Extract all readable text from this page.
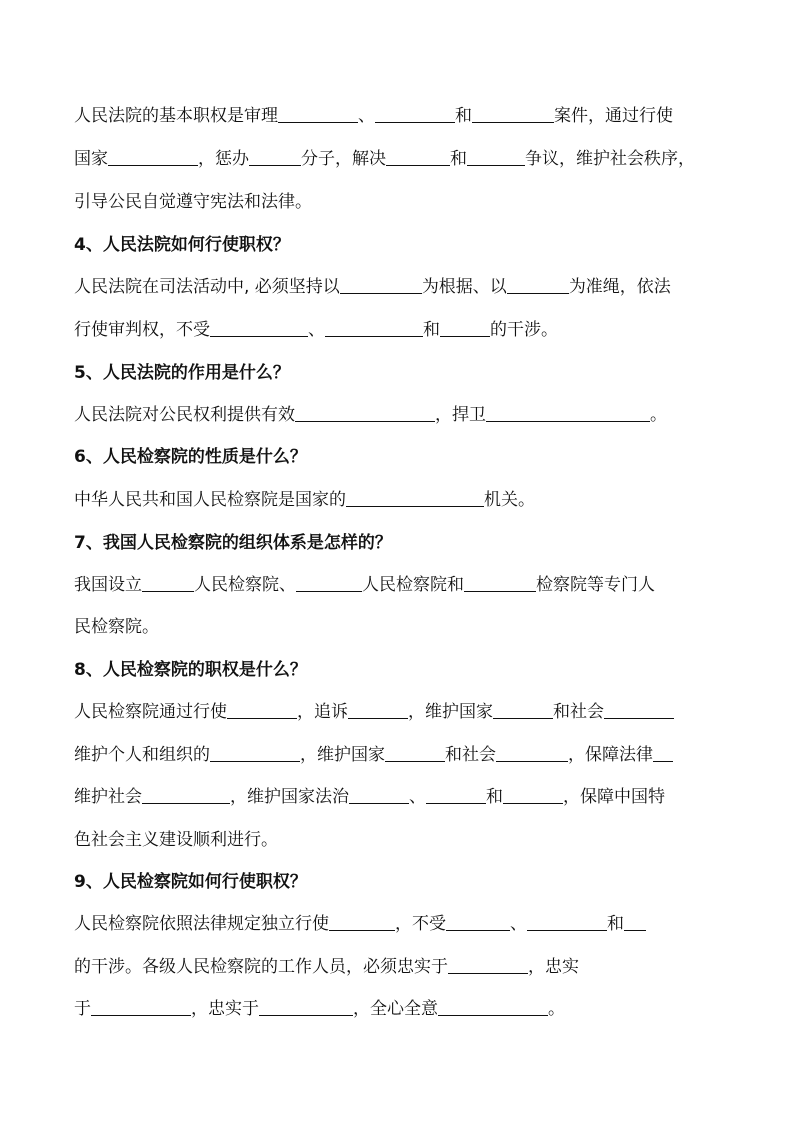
人民法院的基本职权是审理	、	和	案件，通过行使
国家	，惩办	分子，解决	和	争议，维护社会秩序，
引导公民自觉遵守宪法和法律。
4、人民法院如何行使职权？
人民法院在司法活动中, 必须坚持以	为根据、以	为准绳，依法
行使审判权，不受	、	和	的干涉。
5、人民法院的作用是什么？
人民法院对公民权利提供有效	，捍卫	。
6、人民检察院的性质是什么？
中华人民共和国人民检察院是国家的	机关。
7、我国人民检察院的组织体系是怎样的？
我国设立	人民检察院、	人民检察院和	检察院等专门人
民检察院。
8、人民检察院的职权是什么？
人民检察院通过行使	，追诉	，维护国家	和社会
维护个人和组织的	，维护国家	和社会	，保障法律
维护社会	，维护国家法治	、	和	，保障中国特
色社会主义建设顺利进行。
9、人民检察院如何行使职权？
人民检察院依照法律规定独立行使	，不受	、	和
的干涉。各级人民检察院的工作人员，必须忠实于	，忠实
于	，忠实于	，全心全意	。
